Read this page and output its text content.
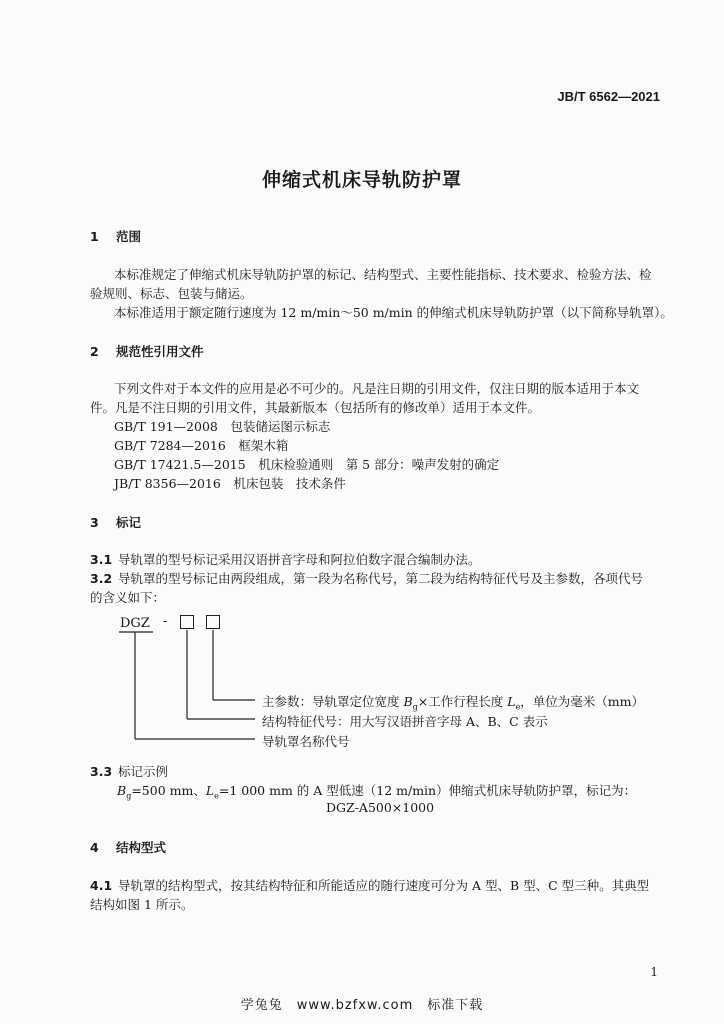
JB/T 6562—2021
伸缩式机床导轨防护罩
1 范围
本标准规定了伸缩式机床导轨防护罩的标记、结构型式、主要性能指标、技术要求、检验方法、检
验规则、标志、包装与储运。
本标准适用于额定随行速度为 12 m/min～50 m/min 的伸缩式机床导轨防护罩（以下简称导轨罩）。
2 规范性引用文件
下列文件对于本文件的应用是必不可少的。凡是注日期的引用文件，仅注日期的版本适用于本文
件。凡是不注日期的引用文件，其最新版本（包括所有的修改单）适用于本文件。
GB/T 191—2008　包装储运图示标志
GB/T 7284—2016　框架木箱
GB/T 17421.5—2015　机床检验通则　第 5 部分：噪声发射的确定
JB/T 8356—2016　机床包装　技术条件
3 标记
3.1 导轨罩的型号标记采用汉语拼音字母和阿拉伯数字混合编制办法。
3.2 导轨罩的型号标记由两段组成，第一段为名称代号，第二段为结构特征代号及主参数，各项代号
的含义如下：
DGZ -
主参数：导轨罩定位宽度 $B_g\times$工作行程长度 $L_e$，单位为毫米（mm）
结构特征代号：用大写汉语拼音字母 A、B、C 表示
导轨罩名称代号
3.3 标记示例
$B_g=500$ mm、$L_e=1$ 000 mm 的 A 型低速（12 m/min）伸缩式机床导轨防护罩，标记为：
DGZ-A500×1000
4 结构型式
4.1 导轨罩的结构型式，按其结构特征和所能适应的随行速度可分为 A 型、B 型、C 型三种。其典型
结构如图 1 所示。
1
学兔兔　www.bzfxw.com　标准下载
